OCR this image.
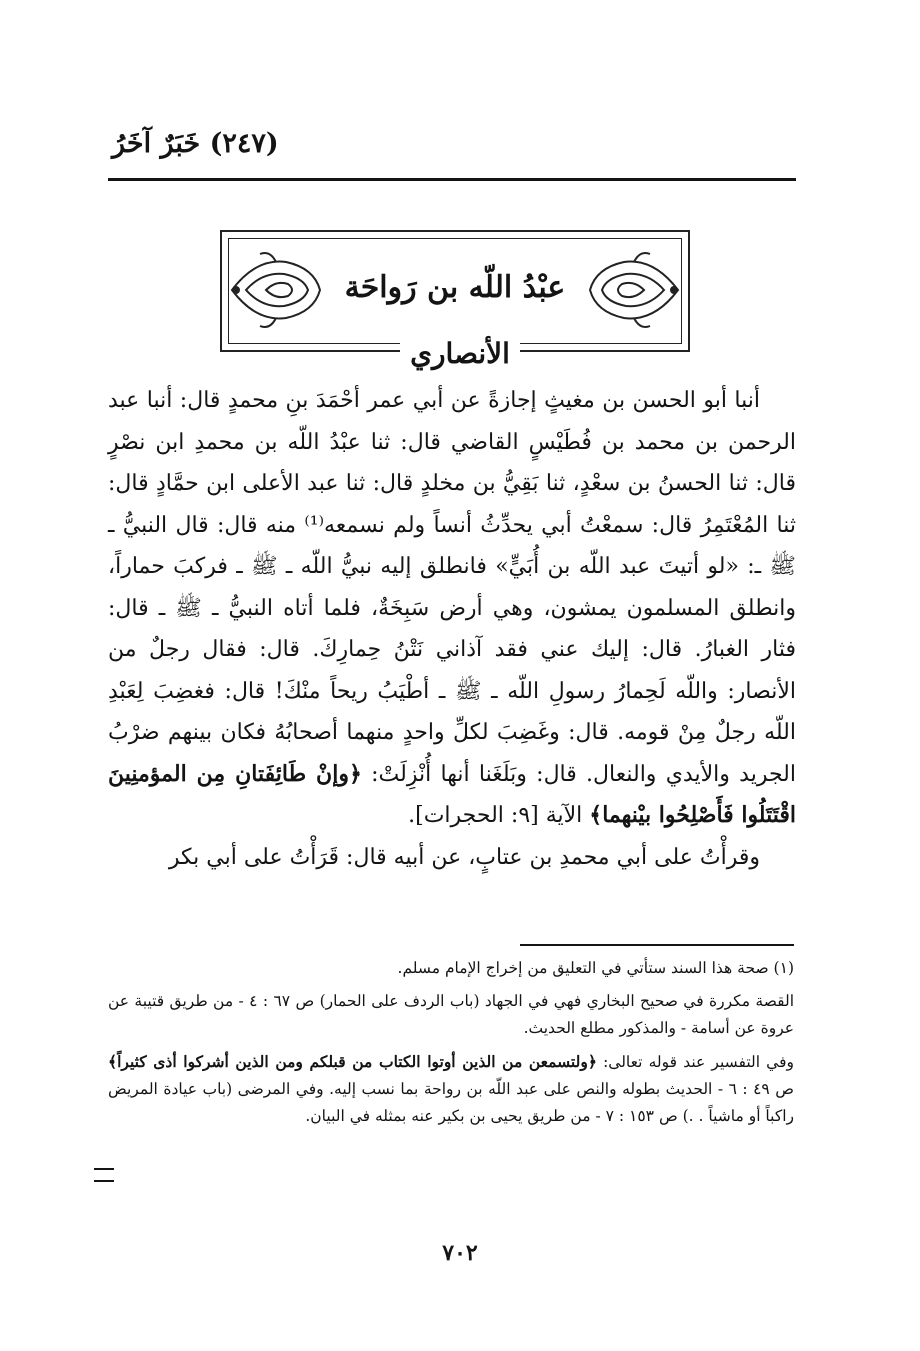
(٢٤٧) خَبَرٌ آخَرُ
عبْدُ اللّه بن رَواحَة
الأنصاري

أنبا أبو الحسن بن مغيثٍ إجازةً عن أبي عمر أحْمَدَ بنِ محمدٍ قال: أنبا عبد الرحمن بن محمد بن فُطَيْسٍ القاضي قال: ثنا عبْدُ اللّه بن محمدِ ابن نصْرٍ قال: ثنا الحسنُ بن سعْدٍ، ثنا بَقِيُّ بن مخلدٍ قال: ثنا عبد الأعلى ابن حمَّادٍ قال: ثنا المُعْتَمِرُ قال: سمعْتُ أبي يحدِّثُ أنساً ولم نسمعه⁽¹⁾ منه قال: قال النبيُّ ـ ﷺ ـ: «لو أتيتَ عبد اللّه بن أُبَيٍّ» فانطلق إليه نبيُّ اللّه ـ ﷺ ـ فركبَ حماراً، وانطلق المسلمون يمشون، وهي أرض سَبِخَةٌ، فلما أتاه النبيُّ ـ ﷺ ـ قال: فثار الغبارُ. قال: إليك عني فقد آذاني نَتْنُ حِمارِكَ. قال: فقال رجلٌ من الأنصار: واللّه لَحِمارُ رسولِ اللّه ـ ﷺ ـ أطْيَبُ ريحاً منْكَ! قال: فغضِبَ لِعَبْدِ اللّه رجلٌ مِنْ قومه. قال: وغَضِبَ لكلِّ واحدٍ منهما أصحابُهُ فكان بينهم ضرْبُ الجريد والأيدي والنعال. قال: وبَلَغَنا أنها أُنْزِلَتْ: ﴿وإنْ طَائِفَتانِ مِن المؤمنِينَ اقْتَتَلُوا فَأَصْلِحُوا بيْنهما﴾ الآية [٩: الحجرات].

وقرأْتُ على أبي محمدِ بن عتابٍ، عن أبيه قال: قَرَأْتُ على أبي بكر

(١) صحة هذا السند ستأتي في التعليق من إخراج الإمام مسلم.

القصة مكررة في صحيح البخاري فهي في الجهاد (باب الردف على الحمار) ص ٦٧ : ٤ - من طريق قتيبة عن عروة عن أسامة - والمذكور مطلع الحديث.

وفي التفسير عند قوله تعالى: ﴿ولتسمعن من الذين أوتوا الكتاب من قبلكم ومن الذين أشركوا أذى كثيراً﴾ ص ٤٩ : ٦ - الحديث بطوله والنص على عبد اللّه بن رواحة بما نسب إليه. وفي المرضى (باب عيادة المريض راكباً أو ماشياً . .) ص ١٥٣ : ٧ - من طريق يحيى بن بكير عنه بمثله في البيان.

٧٠٢
